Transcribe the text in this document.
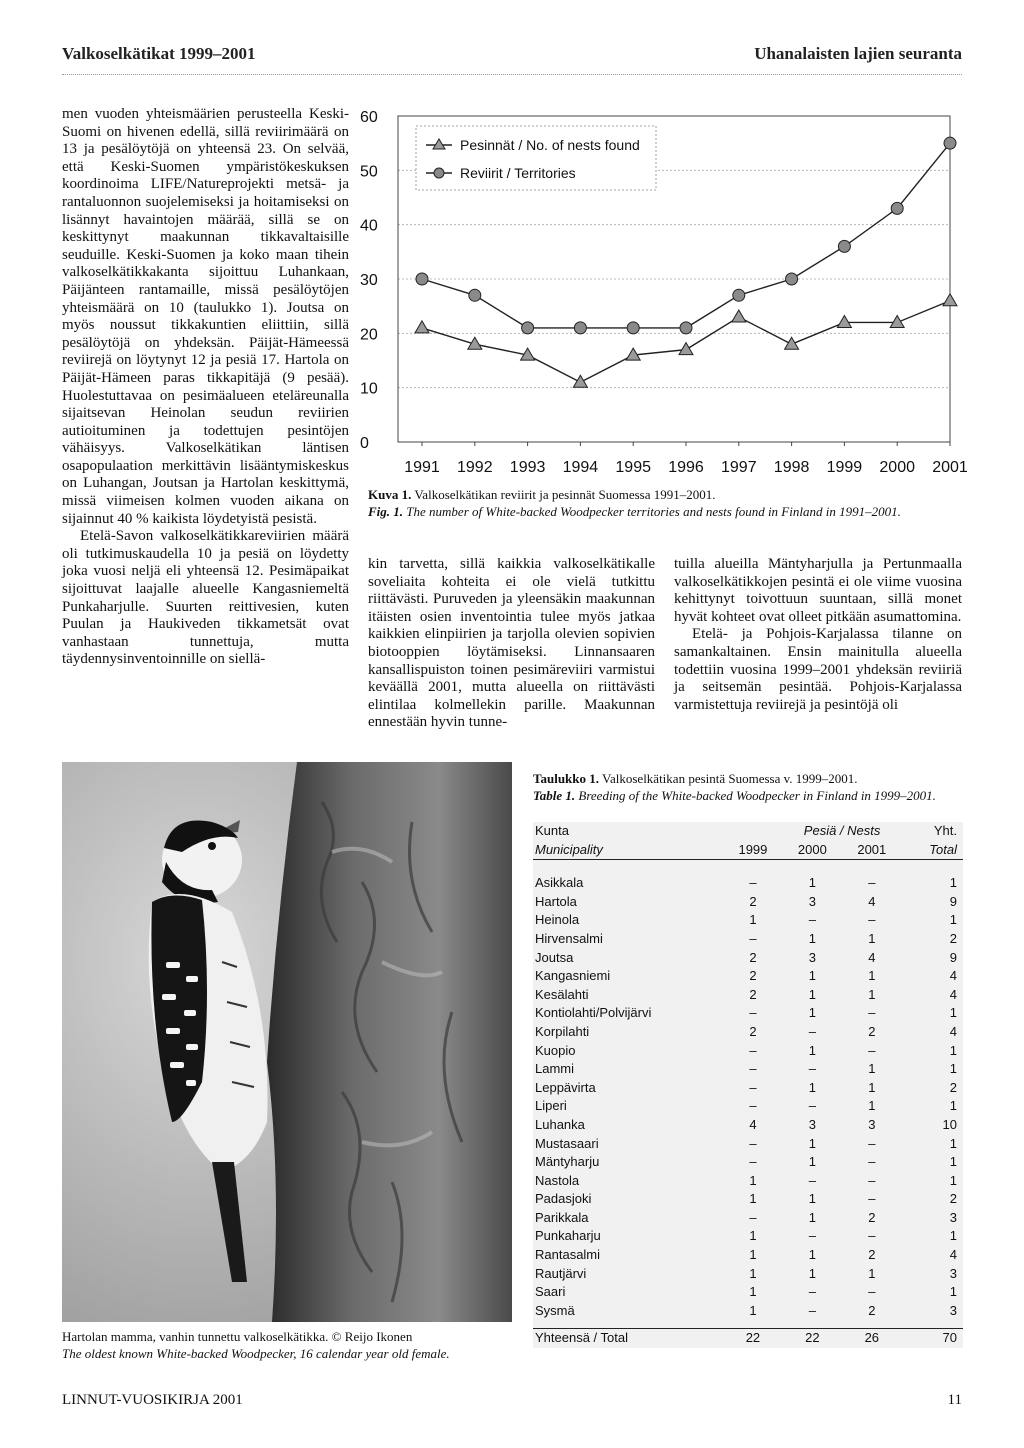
Valkoselkätikat 1999–2001	Uhanalaisten lajien seuranta

men vuoden yhteismäärien perusteella Keski-Suomi on hivenen edellä, sillä reviirimäärä on 13 ja pesälöytöjä on yhteensä 23. On selvää, että Keski-Suomen ympäristökeskuksen koordinoima LIFE/Natureprojekti metsä- ja rantaluonnon suojelemiseksi ja hoitamiseksi on lisännyt havaintojen määrää, sillä se on keskittynyt maakunnan tikkavaltaisille seuduille. Keski-Suomen ja koko maan tihein valkoselkätikkakanta sijoittuu Luhankaan, Päijänteen rantamaille, missä pesälöytöjen yhteismäärä on 10 (taulukko 1). Joutsa on myös noussut tikkakuntien eliittiin, sillä pesälöytöjä on yhdeksän. Päijät-Hämeessä reviirejä on löytynyt 12 ja pesiä 17. Hartola on Päijät-Hämeen paras tikkapitäjä (9 pesää). Huolestuttavaa on pesimäalueen eteläreunalla sijaitsevan Heinolan seudun reviirien autioituminen ja todettujen pesintöjen vähäisyys. Valkoselkätikan läntisen osapopulaation merkittävin lisääntymiskeskus on Luhangan, Joutsan ja Hartolan keskittymä, missä viimeisen kolmen vuoden aikana on sijainnut 40 % kaikista löydetyistä pesistä.

Etelä-Savon valkoselkätikkareviirien määrä oli tutkimuskaudella 10 ja pesiä on löydetty joka vuosi neljä eli yhteensä 12. Pesimäpaikat sijoittuvat laajalle alueelle Kangasniemeltä Punkaharjulle. Suurten reittivesien, kuten Puulan ja Haukiveden tikkametsät ovat vanhastaan tunnettuja, mutta täydennysinventoinnille on siellä-

0
10
20
30
40
50
60
1991 1992 1993 1994 1995 1996 1997 1998 1999 2000 2001
Pesinnät / No. of nests found
Reviirit / Territories
Kuva 1. Valkoselkätikan reviirit ja pesinnät Suomessa 1991–2001.
Fig. 1. The number of White-backed Woodpecker territories and nests found in Finland in 1991–2001.

kin tarvetta, sillä kaikkia valkoselkätikalle soveliaita kohteita ei ole vielä tutkittu riittävästi. Puruveden ja yleensäkin maakunnan itäisten osien inventointia tulee myös jatkaa kaikkien elinpiirien ja tarjolla olevien sopivien biotooppien löytämiseksi. Linnansaaren kansallispuiston toinen pesimäreviiri varmistui keväällä 2001, mutta alueella on riittävästi elintilaa kolmellekin parille. Maakunnan ennestään hyvin tunne-

tuilla alueilla Mäntyharjulla ja Pertunmaalla valkoselkätikkojen pesintä ei ole viime vuosina kehittynyt toivottuun suuntaan, sillä monet hyvät kohteet ovat olleet pitkään asumattomina.

Etelä- ja Pohjois-Karjalassa tilanne on samankaltainen. Ensin mainitulla alueella todettiin vuosina 1999–2001 yhdeksän reviiriä ja seitsemän pesintää. Pohjois-Karjalassa varmistettuja reviirejä ja pesintöjä oli

Hartolan mamma, vanhin tunnettu valkoselkätikka. © Reijo Ikonen
The oldest known White-backed Woodpecker, 16 calendar year old female.
Taulukko 1. Valkoselkätikan pesintä Suomessa v. 1999–2001.
Table 1. Breeding of the White-backed Woodpecker in Finland in 1999–2001.
Kunta	Pesiä / Nests	Yht.
Municipality	1999	2000	2001	Total
Asikkala	–	1	–	1
Hartola	2	3	4	9
Heinola	1	–	–	1
Hirvensalmi	–	1	1	2
Joutsa	2	3	4	9
Kangasniemi	2	1	1	4
Kesälahti	2	1	1	4
Kontiolahti/Polvijärvi	–	1	–	1
Korpilahti	2	–	2	4
Kuopio	–	1	–	1
Lammi	–	–	1	1
Leppävirta	–	1	1	2
Liperi	–	–	1	1
Luhanka	4	3	3	10
Mustasaari	–	1	–	1
Mäntyharju	–	1	–	1
Nastola	1	–	–	1
Padasjoki	1	1	–	2
Parikkala	–	1	2	3
Punkaharju	1	–	–	1
Rantasalmi	1	1	2	4
Rautjärvi	1	1	1	3
Saari	1	–	–	1
Sysmä	1	–	2	3
Yhteensä / Total	22	22	26	70
LINNUT-VUOSIKIRJA 2001	11
